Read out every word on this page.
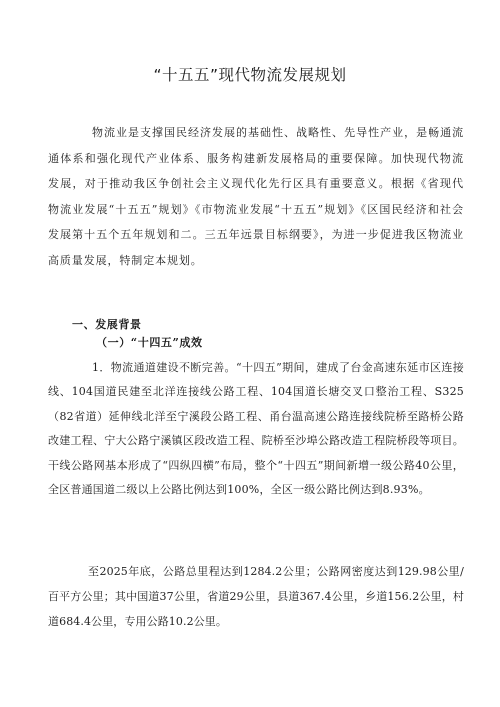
“十五五”现代物流发展规划

物流业是支撑国民经济发展的基础性、战略性、先导性产业，是畅通流通体系和强化现代产业体系、服务构建新发展格局的重要保障。加快现代物流发展，对于推动我区争创社会主义现代化先行区具有重要意义。根据《省现代物流业发展“十五五”规划》《市物流业发展“十五五”规划》《区国民经济和社会发展第十五个五年规划和二。三五年远景目标纲要》，为进一步促进我区物流业高质量发展，特制定本规划。

一、发展背景
（一）“十四五”成效

1．物流通道建设不断完善。“十四五”期间，建成了台金高速东延市区连接线、104国道民建至北洋连接线公路工程、104国道长塘交叉口整治工程、S325（82省道）延伸线北洋至宁溪段公路工程、甬台温高速公路连接线院桥至路桥公路改建工程、宁大公路宁溪镇区段改造工程、院桥至沙埠公路改造工程院桥段等项目。干线公路网基本形成了“四纵四横”布局，整个“十四五”期间新增一级公路40公里，全区普通国道二级以上公路比例达到100%，全区一级公路比例达到8.93%。

至2025年底，公路总里程达到1284.2公里；公路网密度达到129.98公里/百平方公里；其中国道37公里，省道29公里，县道367.4公里，乡道156.2公里，村道684.4公里，专用公路10.2公里。
